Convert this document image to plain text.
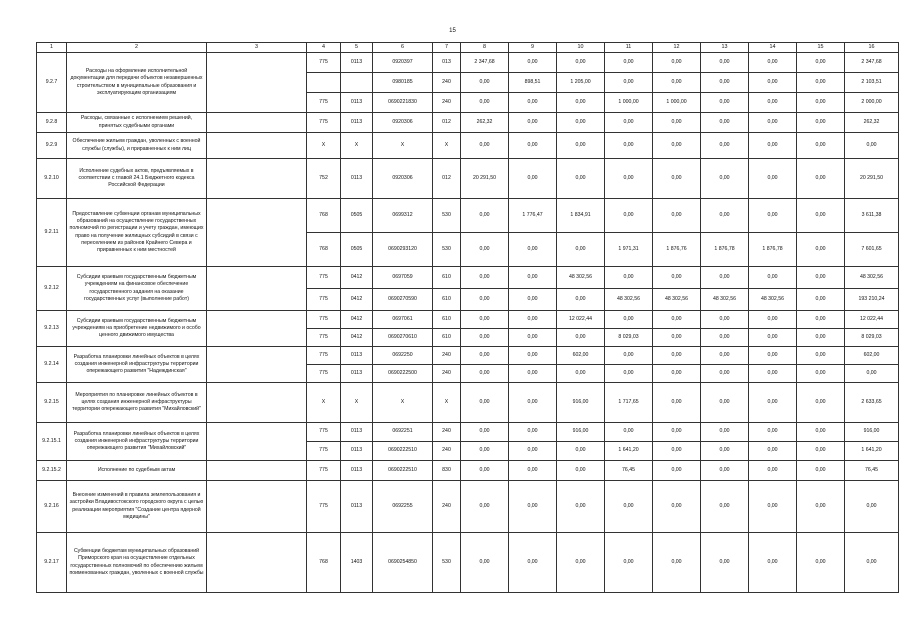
15
1	2	3	4	5	6	7	8	9	10	11	12	13	14	15	16
9.2.7	Расходы на оформление исполнительной документации для передачи объектов незавершенных строительством в муниципальные образования и эксплуатирующим организациям		775	0113	0920397	013	2 347,68	0,00	0,00	0,00	0,00	0,00	0,00	0,00	2 347,68
					0980185	240	0,00	898,51	1 205,00	0,00	0,00	0,00	0,00	0,00	2 103,51
			775	0113	0690221830	240	0,00	0,00	0,00	1 000,00	1 000,00	0,00	0,00	0,00	2 000,00
9.2.8	Расходы, связанные с исполнением решений, принятых судебными органами		775	0113	0920306	012	262,32	0,00	0,00	0,00	0,00	0,00	0,00	0,00	262,32
9.2.9	Обеспечение жильем граждан, уволенных с военной службы (службы), и приравненных к ним лиц		X	X	X	X	0,00	0,00	0,00	0,00	0,00	0,00	0,00	0,00	0,00
9.2.10	Исполнение судебных актов, предъявляемых в соответствии с главой 24.1 Бюджетного кодекса Российской Федерации		752	0113	0920306	012	20 291,50	0,00	0,00	0,00	0,00	0,00	0,00	0,00	20 291,50
9.2.11	Предоставление субвенции органам муниципальных образований на осуществление государственных полномочий по регистрации и учету граждан, имеющих право на получение жилищных субсидий в связи с переселением из районов Крайнего Севера и приравненных к ним местностей		768	0505	0699312	530	0,00	1 776,47	1 834,91	0,00	0,00	0,00	0,00	0,00	3 611,38
			768	0505	0690293120	530	0,00	0,00	0,00	1 971,31	1 876,76	1 876,78	1 876,78	0,00	7 601,65
9.2.12	Субсидии краевым государственным бюджетным учреждениям на финансовое обеспечение государственного задания на оказание государственных услуг (выполнение работ)		775	0412	0697059	610	0,00	0,00	48 302,56	0,00	0,00	0,00	0,00	0,00	48 302,56
			775	0412	0690270590	610	0,00	0,00	0,00	48 302,56	48 302,56	48 302,56	48 302,56	0,00	193 210,24
9.2.13	Субсидии краевым государственным бюджетным учреждениям на приобретение недвижимого и особо ценного движимого имущества		775	0412	0697061	610	0,00	0,00	12 022,44	0,00	0,00	0,00	0,00	0,00	12 022,44
			775	0412	0690270610	610	0,00	0,00	0,00	8 029,03	0,00	0,00	0,00	0,00	8 029,03
9.2.14	Разработка планировки линейных объектов в целях создания инженерной инфраструктуры территории опережающего развития "Надеждинская"		775	0113	0692250	240	0,00	0,00	602,00	0,00	0,00	0,00	0,00	0,00	602,00
			775	0113	0690222500	240	0,00	0,00	0,00	0,00	0,00	0,00	0,00	0,00	0,00
9.2.15	Мероприятия по планировке линейных объектов в целях создания инженерной инфраструктуры территории опережающего развития "Михайловский"		X	X	X	X	0,00	0,00	916,00	1 717,65	0,00	0,00	0,00	0,00	2 633,65
9.2.15.1	Разработка планировки линейных объектов в целях создания инженерной инфраструктуры территории опережающего развития "Михайловский"		775	0113	0692251	240	0,00	0,00	916,00	0,00	0,00	0,00	0,00	0,00	916,00
			775	0113	0690222510	240	0,00	0,00	0,00	1 641,20	0,00	0,00	0,00	0,00	1 641,20
9.2.15.2	Исполнение по судебным актам		775	0113	0690222510	830	0,00	0,00	0,00	76,45	0,00	0,00	0,00	0,00	76,45
9.2.16	Внесение изменений в правила землепользования и застройки Владивостокского городского округа с целью реализации мероприятия "Создание центра ядерной медицины"		775	0113	0692255	240	0,00	0,00	0,00	0,00	0,00	0,00	0,00	0,00	0,00
9.2.17	Субвенции бюджетам муниципальных образований Приморского края на осуществление отдельных государственных полномочий по обеспечению жильем поименованных граждан, уволенных с военной службы		768	1403	0690254850	530	0,00	0,00	0,00	0,00	0,00	0,00	0,00	0,00	0,00
